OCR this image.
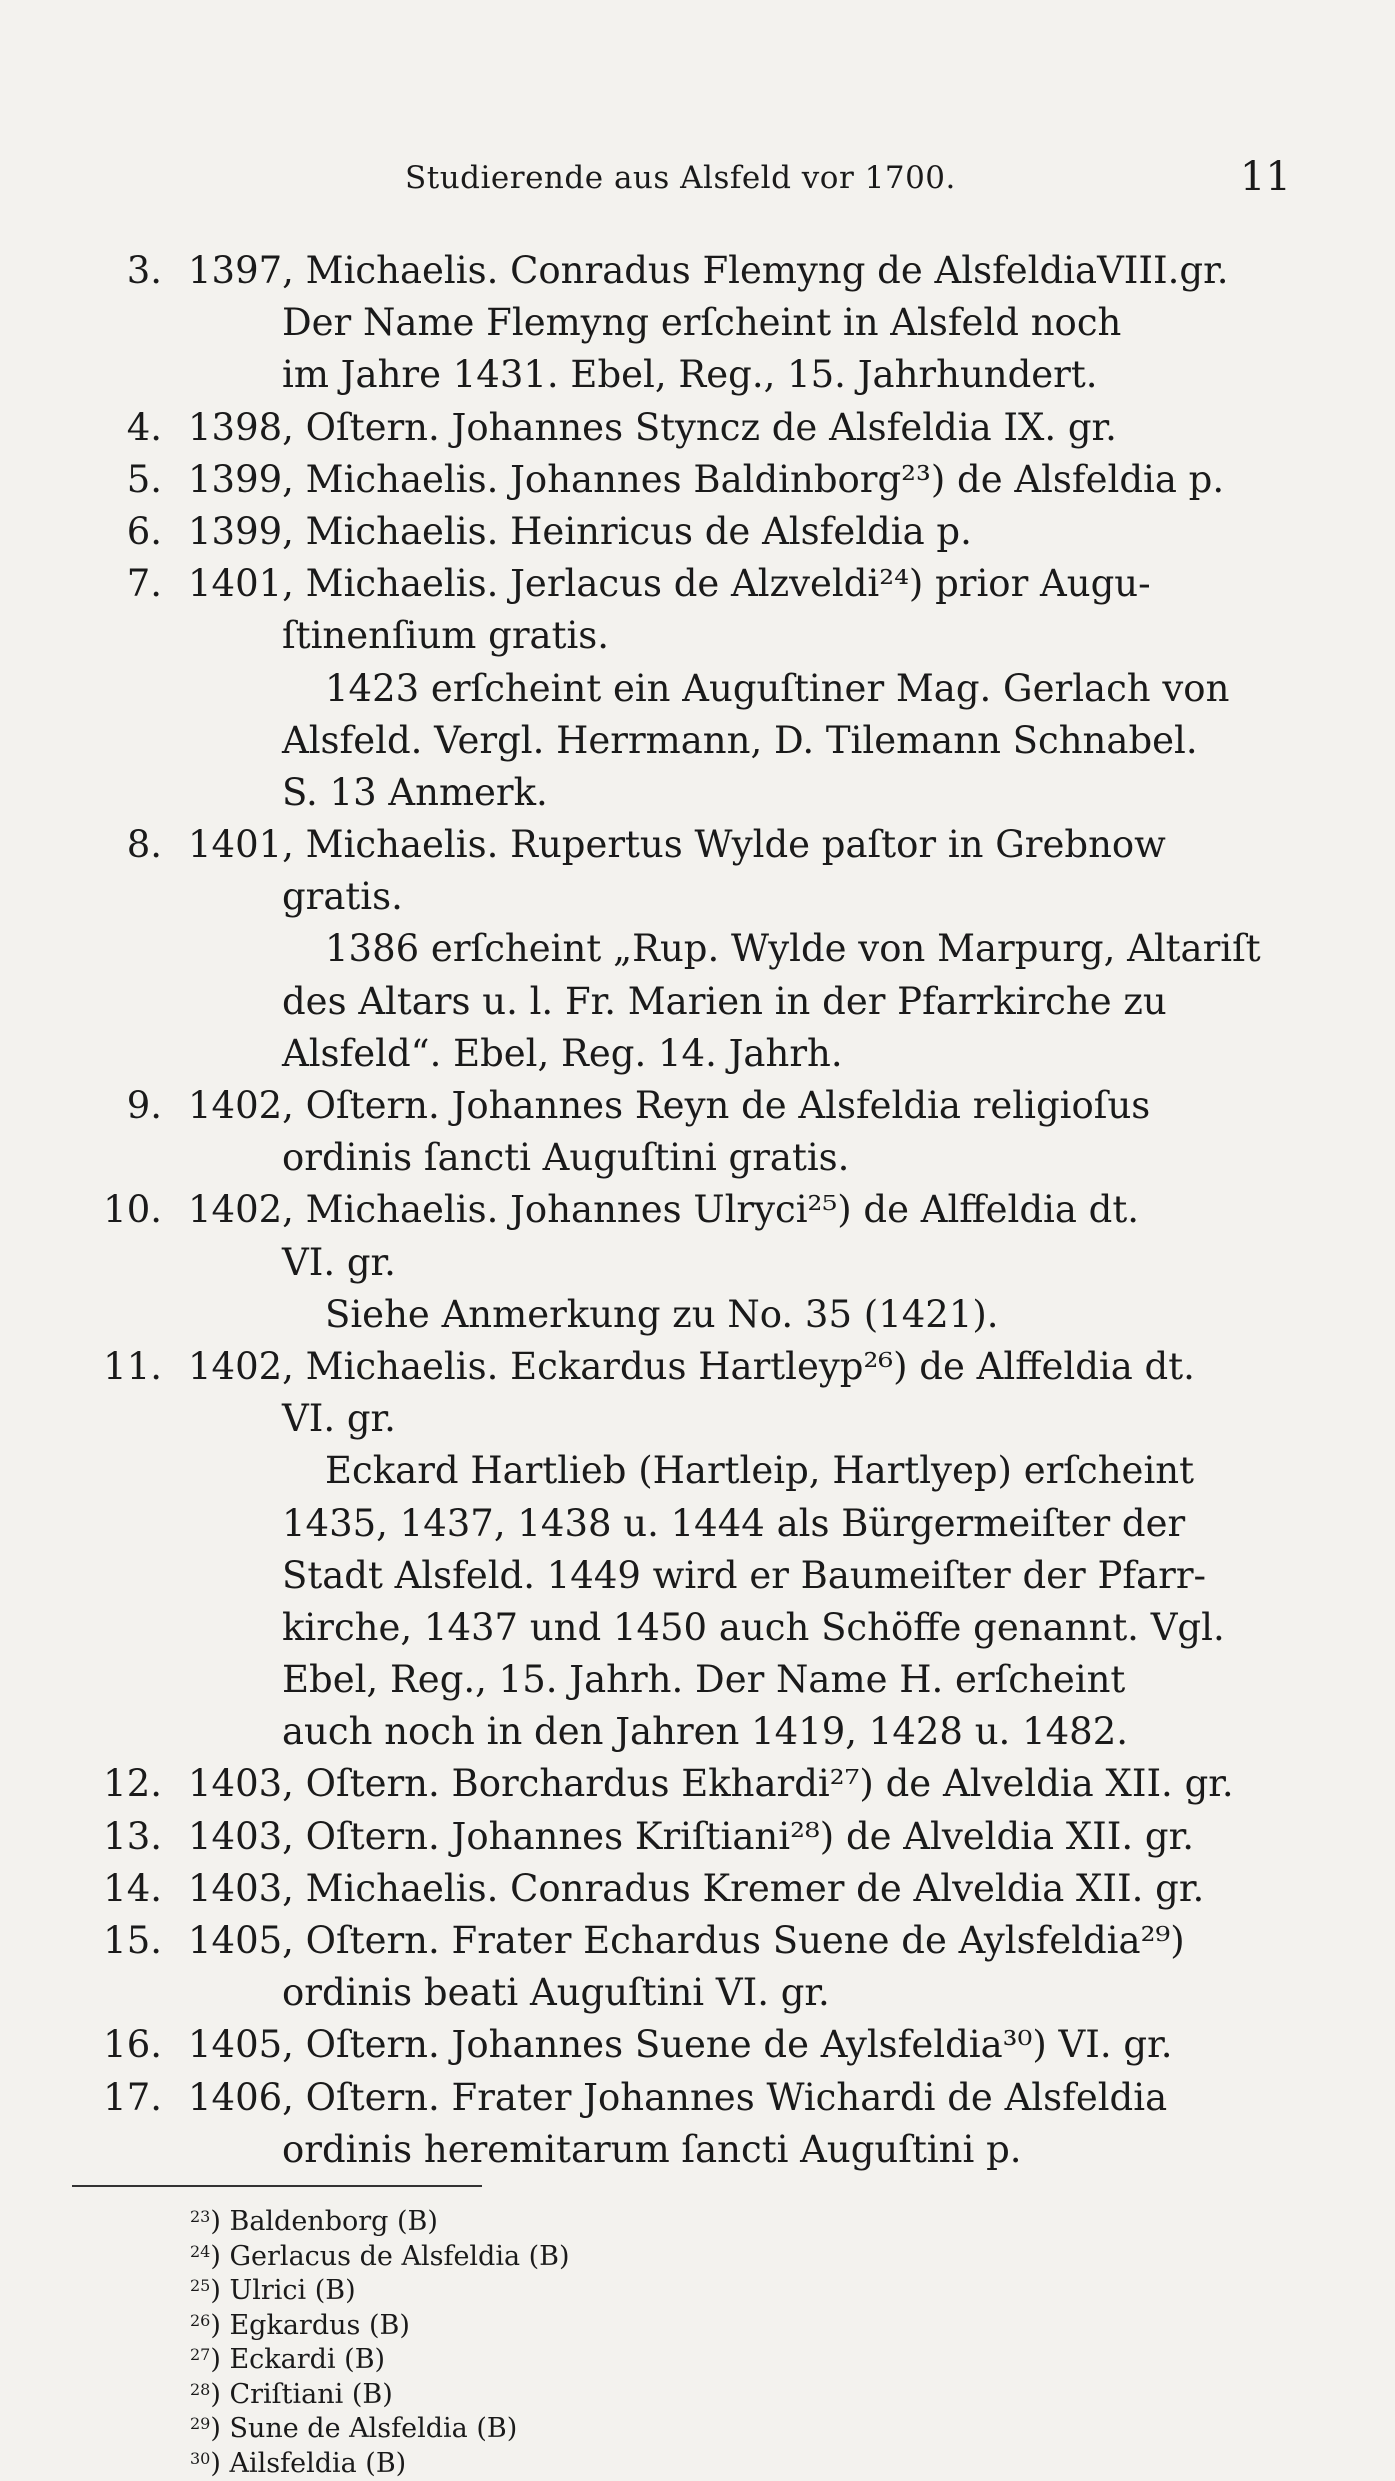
Studierende aus Alsfeld vor 1700.	11
3. 1397, Michaelis. Conradus Flemyng de AlsfeldiaVIII.gr.
Der Name Flemyng erſcheint in Alsfeld noch
im Jahre 1431. Ebel, Reg., 15. Jahrhundert.
4. 1398, Oſtern. Johannes Styncz de Alsfeldia IX. gr.
5. 1399, Michaelis. Johannes Baldinborg²³) de Alsfeldia p.
6. 1399, Michaelis. Heinricus de Alsfeldia p.
7. 1401, Michaelis. Jerlacus de Alzveldi²⁴) prior Augu-
ſtinenſium gratis.
1423 erſcheint ein Auguſtiner Mag. Gerlach von
Alsfeld. Vergl. Herrmann, D. Tilemann Schnabel.
S. 13 Anmerk.
8. 1401, Michaelis. Rupertus Wylde paſtor in Grebnow
gratis.
1386 erſcheint „Rup. Wylde von Marpurg, Altariſt
des Altars u. l. Fr. Marien in der Pfarrkirche zu
Alsfeld“. Ebel, Reg. 14. Jahrh.
9. 1402, Oſtern. Johannes Reyn de Alsfeldia religioſus
ordinis ſancti Auguſtini gratis.
10. 1402, Michaelis. Johannes Ulryci²⁵) de Alffeldia dt.
VI. gr.
Siehe Anmerkung zu No. 35 (1421).
11. 1402, Michaelis. Eckardus Hartleyp²⁶) de Alffeldia dt.
VI. gr.
Eckard Hartlieb (Hartleip, Hartlyep) erſcheint
1435, 1437, 1438 u. 1444 als Bürgermeiſter der
Stadt Alsfeld. 1449 wird er Baumeiſter der Pfarr-
kirche, 1437 und 1450 auch Schöffe genannt. Vgl.
Ebel, Reg., 15. Jahrh. Der Name H. erſcheint
auch noch in den Jahren 1419, 1428 u. 1482.
12. 1403, Oſtern. Borchardus Ekhardi²⁷) de Alveldia XII. gr.
13. 1403, Oſtern. Johannes Kriſtiani²⁸) de Alveldia XII. gr.
14. 1403, Michaelis. Conradus Kremer de Alveldia XII. gr.
15. 1405, Oſtern. Frater Echardus Suene de Aylsfeldia²⁹)
ordinis beati Auguſtini VI. gr.
16. 1405, Oſtern. Johannes Suene de Aylsfeldia³⁰) VI. gr.
17. 1406, Oſtern. Frater Johannes Wichardi de Alsfeldia
ordinis heremitarum ſancti Auguſtini p.
$^{23}$) Baldenborg (B)
$^{24}$) Gerlacus de Alsfeldia (B)
$^{25}$) Ulrici (B)
$^{26}$) Egkardus (B)
$^{27}$) Eckardi (B)
$^{28}$) Criſtiani (B)
$^{29}$) Sune de Alsfeldia (B)
$^{30}$) Ailsfeldia (B)
